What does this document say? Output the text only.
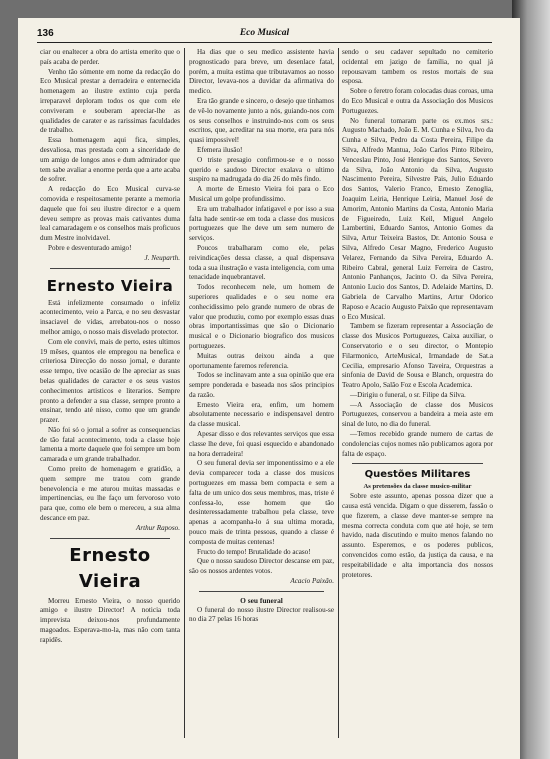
136	Eco Musical

ciar ou enaltecer a obra do artista emerito que o país acaba de perder.

Venho tão sómente em nome da redacção do Eco Musical prestar a derradeira e enternecida homenagem ao ilustre extinto cuja perda irreparavel deploram todos os que com ele conviveram e souberam apreciar-lhe as qualidades de carater e as rarissimas faculdades de trabalho.

Essa homenagem aqui fica, simples, desvaliosa, mas prestada com a sinceridade de um amigo de longos anos e dum admirador que tem sabe avaliar a enorme perda que a arte acaba de sofrer.

A redacção do Eco Musical curva-se comovida e respeitosamente perante a memoria daquele que foi seu ilustre director e a quem deveu sempre as provas mais cativantes duma leal camaradagem e os conselhos mais proficuos dum Mestre inolvidavel.

Pobre e desventurado amigo!

J. Neuparth.

Ernesto Vieira

Está infelizmente consumado o infeliz acontecimento, veio a Parca, e no seu desvastar insaciavel de vidas, arrebatou-nos o nosso melhor amigo, o nosso mais disvelado protector.

Com ele convivi, mais de perto, estes ultimos 19 mêses, quantos ele empregou na benefica e criteriosa Direcção do nosso jornal, e durante esse tempo, tive ocasião de lhe apreciar as suas belas qualidades de caracter e os seus vastos conhecimentos artisticos e literarios. Sempre pronto a defender a sua classe, sempre pronto a ensinar, tendo até nisso, como que um grande prazer.

Não foi só o jornal a sofrer as consequencias de tão fatal acontecimento, toda a classe hoje lamenta a morte daquele que foi sempre um bom camarada e um grande trabalhador.

Como preito de homenagem e gratidão, a quem sempre me tratou com grande benevolencia e me aturou muitas massadas e impertinencias, eu lhe faço um fervoroso voto para que, como ele bem o mereceu, a sua alma descance em paz.

Arthur Raposo.

Ernesto Vieira

Morreu Ernesto Vieira, o nosso querido amigo e ilustre Director! A noticia toda imprevista deixou-nos profundamente magoados. Esperava-mo-la, mas não com tanta rapidês.

Ha dias que o seu medico assistente havia prognosticado para breve, um desenlace fatal, porém, a muita estima que tributavamos ao nosso Director, levava-nos a duvidar da afirmativa do medico.

Era tão grande e sincero, o desejo que tinhamos de vê-lo novamente junto a nós, guiando-nos com os seus conselhos e instruindo-nos com os seus escritos, que, acreditar na sua morte, era para nós quasi impossivel!

Efemera ilusão!

O triste presagio confirmou-se e o nosso querido e saudoso Director exalava o ultimo suspiro na madrugada do dia 26 do mês findo.

A morte de Ernesto Vieira foi para o Eco Musical um golpe profundissimo.

Era um trabalhador infatigavel e por isso a sua falta hade sentir-se em toda a classe dos musicos portuguezes que lhe deve um sem numero de serviços.

Poucos trabalharam como ele, pelas reivindicações dessa classe, a qual dispensava toda a sua ilustração e vasta inteligencia, com uma tenacidade inquebrantavel.

Todos reconhecem nele, um homem de superiores qualidades e o seu nome era conhecidissimo pelo grande numero de obras de valor que produziu, como por exemplo essas duas obras importantissimas que são o Dicionario musical e o Dicionario biografico dos musicos portuguezes.

Muitas outras deixou ainda a que oportunamente faremos referencia.

Todos se inclinavam ante a sua opinião que era sempre ponderada e baseada nos sãos principios da razão.

Ernesto Vieira era, enfim, um homem absolutamente necessario e indispensavel dentro da classe musical.

Apesar disso e dos relevantes serviços que essa classe lhe deve, foi quasi esquecido e abandonado na hora derradeira!

O seu funeral devia ser imponentissimo e a ele devia comparecer toda a classe dos musicos portuguezes em massa bem compacta e sem a falta de um unico dos seus membros, mas, triste é confessa-lo, esse homem que tão desinteressadamente trabalhou pela classe, teve apenas a acompanha-lo á sua ultima morada, pouco mais de trinta pessoas, quando a classe é composta de muitas centenas!

Fructo do tempo! Brutalidade do acaso!

Que o nosso saudoso Director descanse em paz, são os nossos ardentes votos.

Acacio Paixão.

O seu funeral

O funeral do nosso ilustre Director realisou-se no dia 27 pelas 16 horas

sendo o seu cadaver sepultado no cemiterio ocidental em jazigo de familia, no qual já repousavam tambem os restos mortais de sua esposa.

Sobre o feretro foram colocadas duas coroas, uma do Eco Musical e outra da Associação dos Musicos Portuguezes.

No funeral tomaram parte os ex.mos srs.: Augusto Machado, João E. M. Cunha e Silva, Ivo da Cunha e Silva, Pedro da Costa Pereira, Filipe da Silva, Alfredo Mantua, João Carlos Pinto Ribeiro, Venceslau Pinto, José Henrique dos Santos, Severo da Silva, João Antonio da Silva, Augusto Nascimento Pereira, Silvestre Pais, Julio Eduardo dos Santos, Valerio Franco, Ernesto Zenoglia, Joaquim Leiria, Henrique Leiria, Manuel José de Amorim, Antonio Martins da Costa, Antonio Maria de Figueiredo, Luiz Keil, Miguel Angelo Lambertini, Eduardo Santos, Antonio Gomes da Silva, Artur Teixeira Bastos, Dr. Antonio Sousa e Silva, Alfredo Cesar Magno, Frederico Augusto Velarez, Fernando da Silva Pereira, Eduardo A. Ribeiro Cabral, general Luiz Ferreira de Castro, Antonio Panhanços, Jacinto O. da Silva Pereira, Antonio Lucio dos Santos, D. Adelaide Martins, D. Gabriela de Carvalho Martins, Artur Odorico Raposo e Acacio Augusto Paixão que representavam o Eco Musical.

Tambem se fizeram representar a Associação de classe dos Musicos Portuguezes, Caixa auxiliar, o Conservatorio e o seu director, o Montepio Filarmonico, ArteMusical, Irmandade de Sat.a Cecilia, empresario Afonso Taveira, Orquestras a sinfonia de David de Sousa e Blanch, orquestra do Teatro Apolo, Salão Foz e Escola Academica.

—Dirigiu o funeral, o sr. Filipe da Silva.

—A Associação de classe dos Musicos Portuguezes, conservou a bandeira a meia aste em sinal de luto, no dia do funeral.

—Temos recebido grande numero de cartas de condolencias cujos nomes não publicamos agora por falta de espaço.

Questões Militares

As pretensões da classe musico-militar

Sobre este assunto, apenas possoa dizer que a causa está vencida. Digam o que disserem, fassão o que fizerem, a classe deve manter-se sempre na mesma correcta conduta com que até hoje, se tem havido, nada discutindo e muito menos falando no assunto. Esperemos, e os poderes publicos, convencidos como estão, da justiça da causa, e na respeitabilidade e alta importancia dos nossos protetores.
